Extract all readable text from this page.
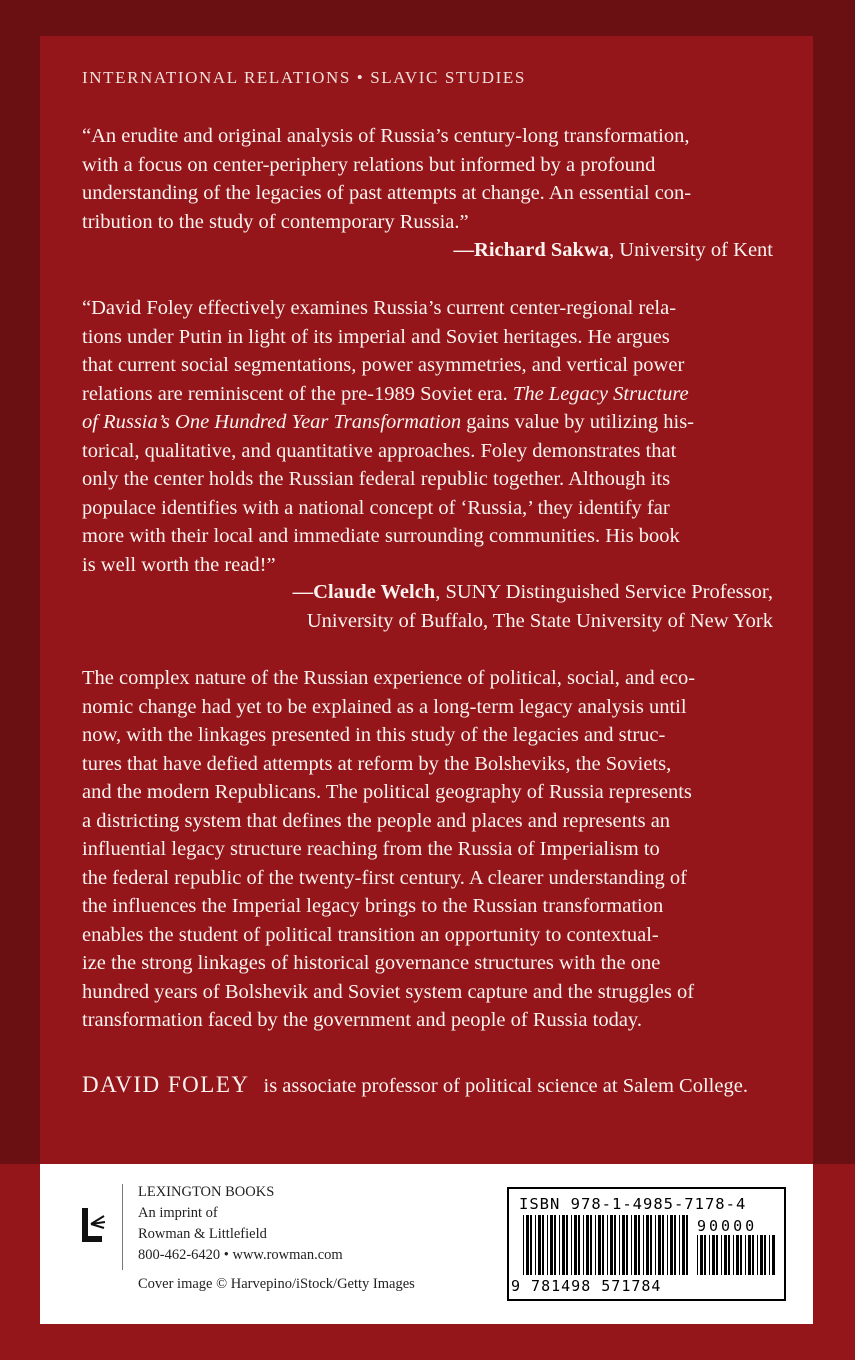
INTERNATIONAL RELATIONS • SLAVIC STUDIES
“An erudite and original analysis of Russia’s century-long transformation,
with a focus on center-periphery relations but informed by a profound
understanding of the legacies of past attempts at change. An essential con-
tribution to the study of contemporary Russia.”
—Richard Sakwa, University of Kent
“David Foley effectively examines Russia’s current center-regional rela-
tions under Putin in light of its imperial and Soviet heritages. He argues
that current social segmentations, power asymmetries, and vertical power
relations are reminiscent of the pre-1989 Soviet era. The Legacy Structure
of Russia’s One Hundred Year Transformation gains value by utilizing his-
torical, qualitative, and quantitative approaches. Foley demonstrates that
only the center holds the Russian federal republic together. Although its
populace identifies with a national concept of ‘Russia,’ they identify far
more with their local and immediate surrounding communities. His book
is well worth the read!”
—Claude Welch, SUNY Distinguished Service Professor,
University of Buffalo, The State University of New York
The complex nature of the Russian experience of political, social, and eco-
nomic change had yet to be explained as a long-term legacy analysis until
now, with the linkages presented in this study of the legacies and struc-
tures that have defied attempts at reform by the Bolsheviks, the Soviets,
and the modern Republicans. The political geography of Russia represents
a districting system that defines the people and places and represents an
influential legacy structure reaching from the Russia of Imperialism to
the federal republic of the twenty-first century. A clearer understanding of
the influences the Imperial legacy brings to the Russian transformation
enables the student of political transition an opportunity to contextual-
ize the strong linkages of historical governance structures with the one
hundred years of Bolshevik and Soviet system capture and the struggles of
transformation faced by the government and people of Russia today.
DAVID FOLEY is associate professor of political science at Salem College.
LEXINGTON BOOKS
An imprint of
Rowman & Littlefield
800-462-6420 • www.rowman.com
Cover image © Harvepino/iStock/Getty Images
ISBN 978-1-4985-7178-4
90000
9 781498 571784
